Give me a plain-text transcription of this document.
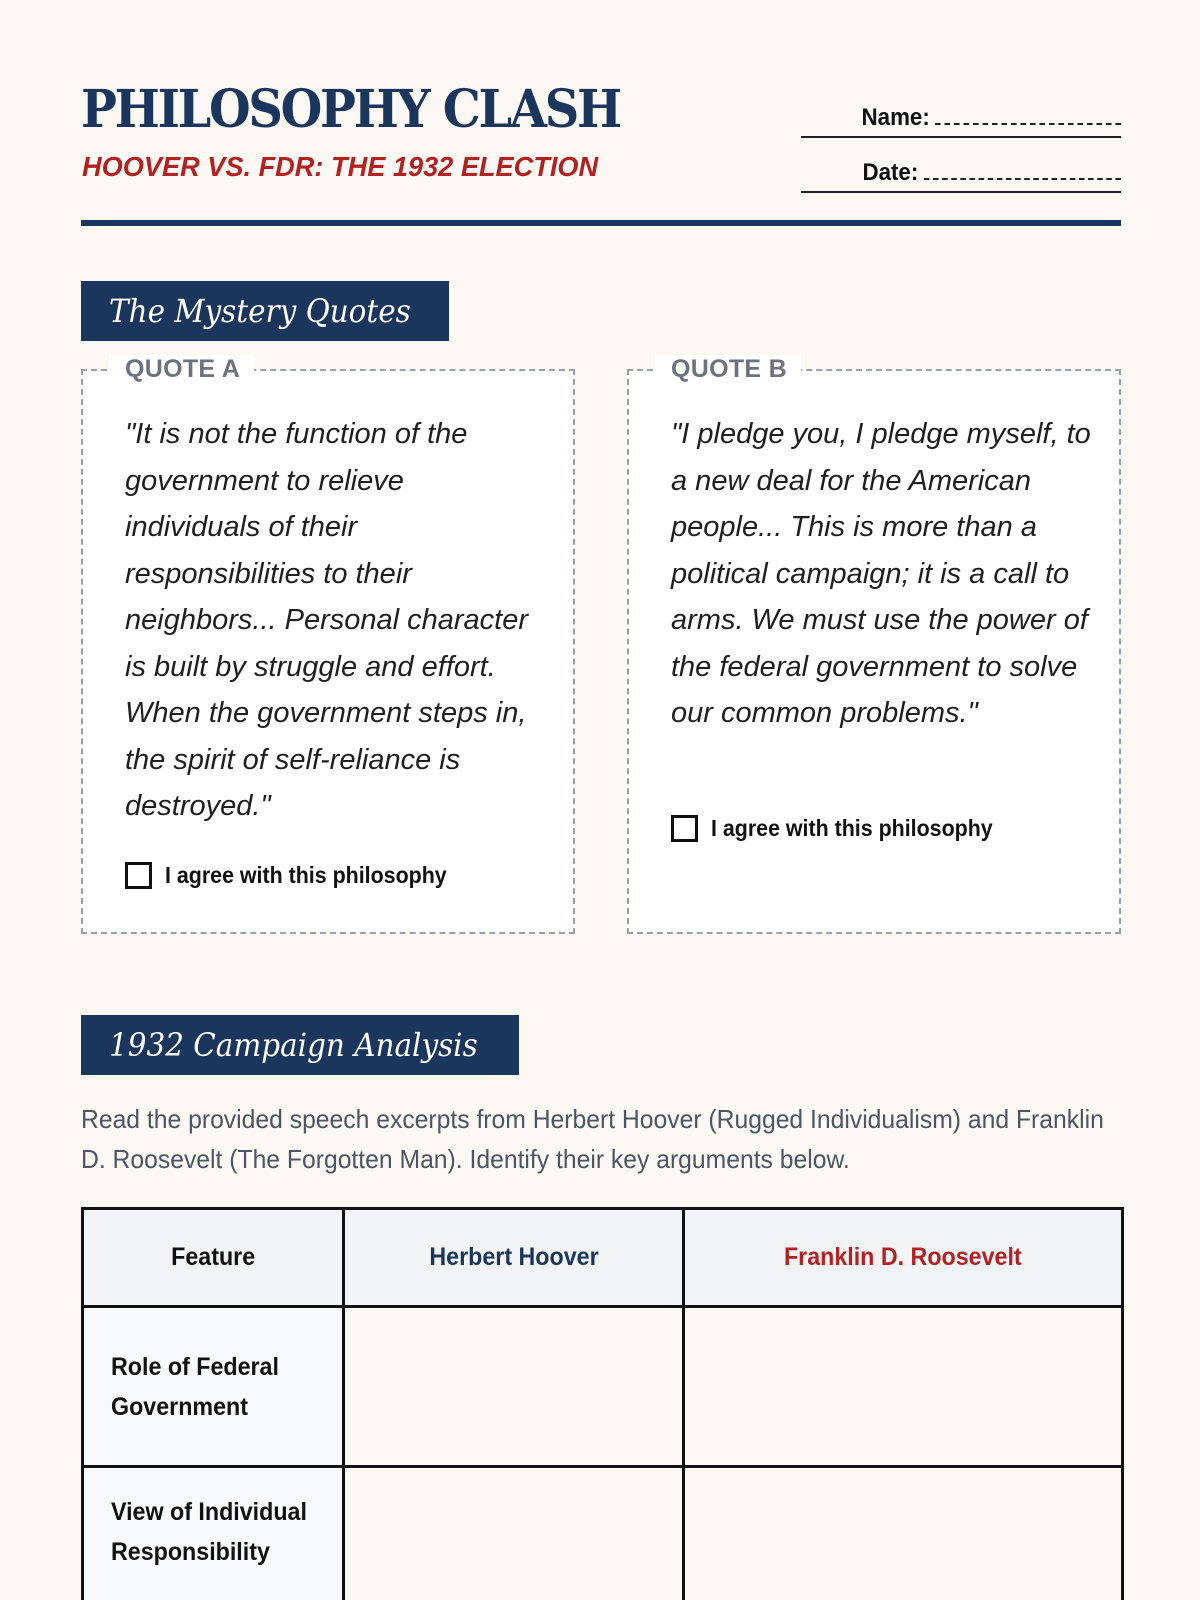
PHILOSOPHY CLASH
HOOVER VS. FDR: THE 1932 ELECTION
Name:
Date:
The Mystery Quotes
QUOTE A

"It is not the function of the government to relieve individuals of their responsibilities to their neighbors... Personal character is built by struggle and effort. When the government steps in, the spirit of self-reliance is destroyed."

I agree with this philosophy
QUOTE B

"I pledge you, I pledge myself, to a new deal for the American people... This is more than a political campaign; it is a call to arms. We must use the power of the federal government to solve our common problems."

I agree with this philosophy
1932 Campaign Analysis

Read the provided speech excerpts from Herbert Hoover (Rugged Individualism) and Franklin D. Roosevelt (The Forgotten Man). Identify their key arguments below.

Feature	Herbert Hoover	Franklin D. Roosevelt
Role of Federal Government		
View of Individual Responsibility		
